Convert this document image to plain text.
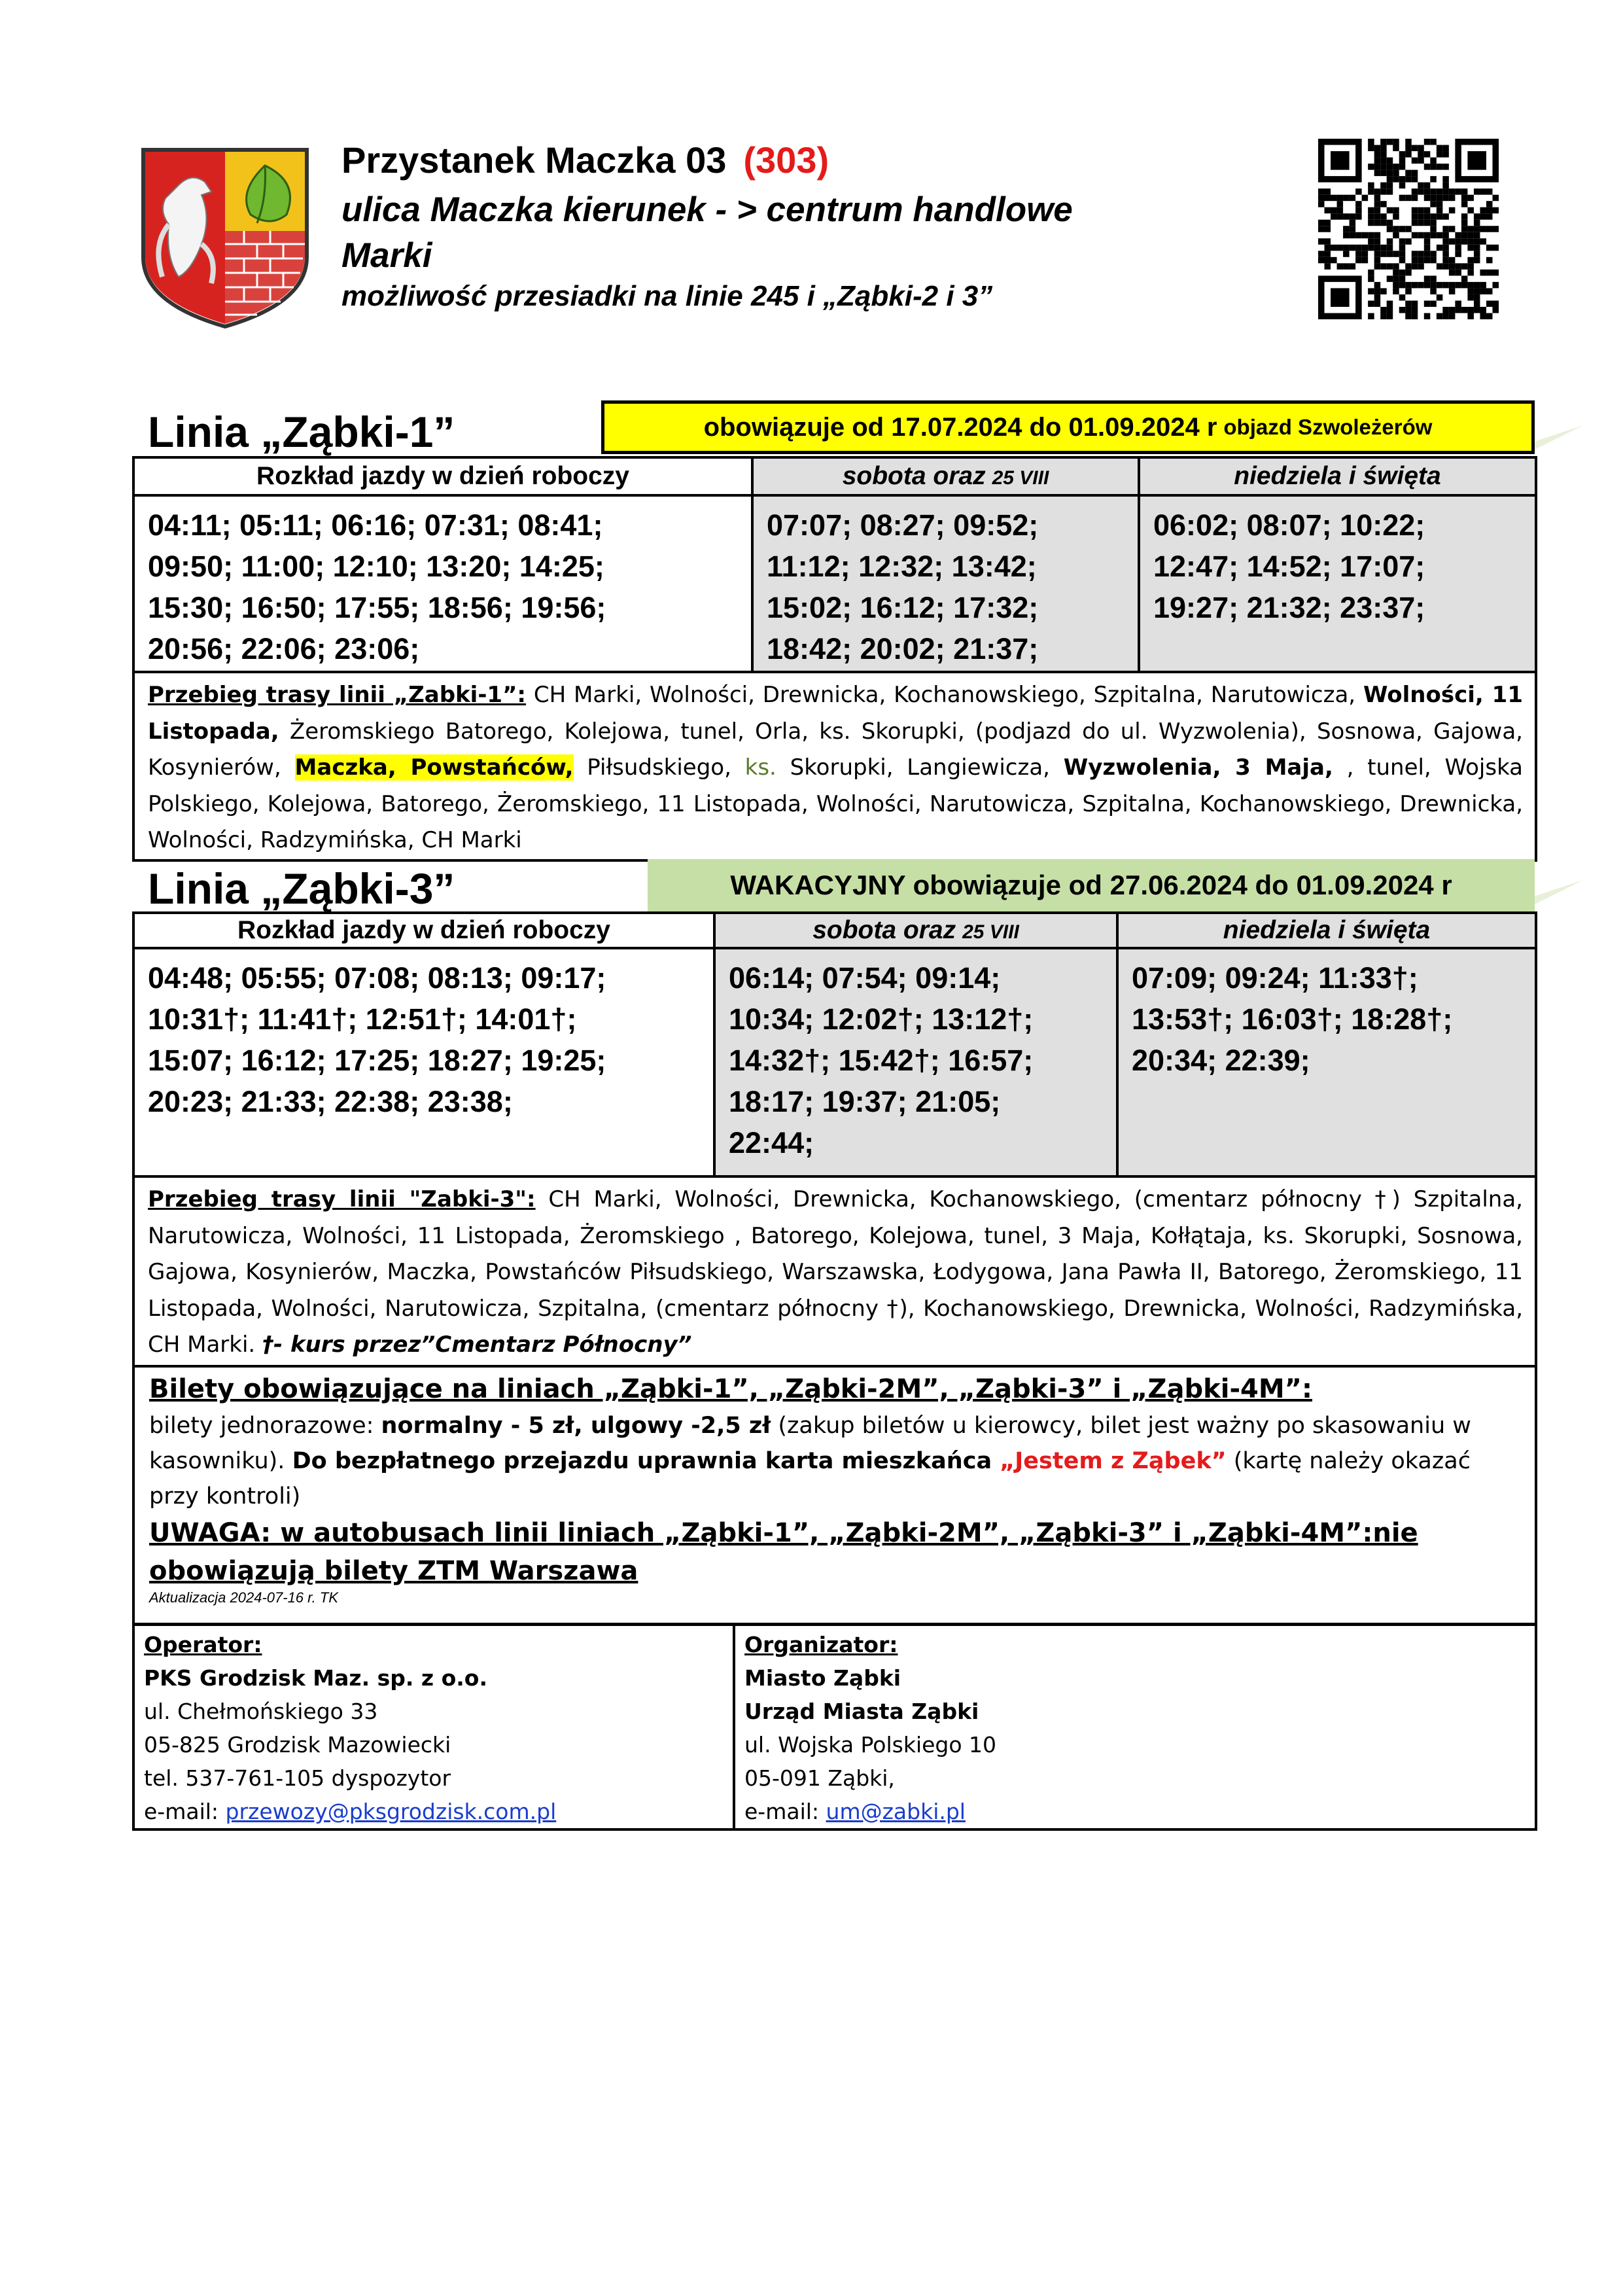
Przystanek Maczka 03 (303)
ulica Maczka kierunek - > centrum handlowe
Marki
możliwość przesiadki na linie 245 i „Ząbki-2 i 3”
Linia „Ząbki-1”	obowiązuje od 17.07.2024 do 01.09.2024 r objazd Szwoleżerów
Rozkład jazdy w dzień roboczy	sobota oraz 25 VIII	niedziela i święta
04:11; 05:11; 06:16; 07:31; 08:41;
09:50; 11:00; 12:10; 13:20; 14:25;
15:30; 16:50; 17:55; 18:56; 19:56;
20:56; 22:06; 23:06;	07:07; 08:27; 09:52;
11:12; 12:32; 13:42;
15:02; 16:12; 17:32;
18:42; 20:02; 21:37;	06:02; 08:07; 10:22;
12:47; 14:52; 17:07;
19:27; 21:32; 23:37;
Przebieg trasy linii „Zabki-1”: CH Marki, Wolności, Drewnicka, Kochanowskiego, Szpitalna, Narutowicza, Wolności, 11 Listopada, Żeromskiego Batorego, Kolejowa, tunel, Orla, ks. Skorupki, (podjazd do ul. Wyzwolenia), Sosnowa, Gajowa, Kosynierów, Maczka, Powstańców, Piłsudskiego, ks. Skorupki, Langiewicza, Wyzwolenia, 3 Maja, , tunel, Wojska Polskiego, Kolejowa, Batorego, Żeromskiego, 11 Listopada, Wolności, Narutowicza, Szpitalna, Kochanowskiego, Drewnicka, Wolności, Radzymińska, CH Marki		
Linia „Ząbki-3”	WAKACYJNY obowiązuje od 27.06.2024 do 01.09.2024 r
Rozkład jazdy w dzień roboczy	sobota oraz 25 VIII	niedziela i święta
04:48; 05:55; 07:08; 08:13; 09:17;
10:31†; 11:41†; 12:51†; 14:01†;
15:07; 16:12; 17:25; 18:27; 19:25;
20:23; 21:33; 22:38; 23:38;	06:14; 07:54; 09:14;
10:34; 12:02†; 13:12†;
14:32†; 15:42†; 16:57;
18:17; 19:37; 21:05;
22:44;	07:09; 09:24; 11:33†;
13:53†; 16:03†; 18:28†;
20:34; 22:39;
Przebieg trasy linii "Zabki-3": CH Marki, Wolności, Drewnicka, Kochanowskiego, (cmentarz północny †) Szpitalna, Narutowicza, Wolności, 11 Listopada, Żeromskiego , Batorego, Kolejowa, tunel, 3 Maja, Kołłątaja, ks. Skorupki, Sosnowa, Gajowa, Kosynierów, Maczka, Powstańców Piłsudskiego, Warszawska, Łodygowa, Jana Pawła II, Batorego, Żeromskiego, 11 Listopada, Wolności, Narutowicza, Szpitalna, (cmentarz północny †), Kochanowskiego, Drewnicka, Wolności, Radzymińska, CH Marki. †- kurs przez”Cmentarz Północny”		

Bilety obowiązujące na liniach „Ząbki-1”, „Ząbki-2M”, „Ząbki-3” i „Ząbki-4M”:
bilety jednorazowe: normalny - 5 zł, ulgowy -2,5 zł (zakup biletów u kierowcy, bilet jest ważny po skasowaniu w kasowniku). Do bezpłatnego przejazdu uprawnia karta mieszkańca „Jestem z Ząbek” (kartę należy okazać przy kontroli)
UWAGA: w autobusach linii liniach „Ząbki-1”, „Ząbki-2M”, „Ząbki-3” i „Ząbki-4M”:nie obowiązują bilety ZTM Warszawa
Aktualizacja 2024-07-16 r. TK		
Operator:
PKS Grodzisk Maz. sp. z o.o.
ul. Chełmońskiego 33
05-825 Grodzisk Mazowiecki
tel. 537-761-105 dyspozytor
e-mail: przewozy@pksgrodzisk.com.pl

Organizator:
Miasto Ząbki
Urząd Miasta Ząbki
ul. Wojska Polskiego 10
05-091 Ząbki,
e-mail: um@zabki.pl
